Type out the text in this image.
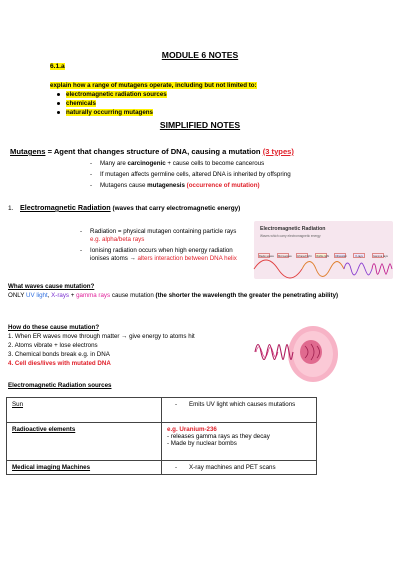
MODULE 6 NOTES
6.1.a
explain how a range of mutagens operate, including but not limited to:
electromagnetic radiation sources
chemicals
naturally occurring mutagens
SIMPLIFIED NOTES
Mutagens = Agent that changes structure of DNA, causing a mutation (3 types)
- Many are carcinogenic + cause cells to become cancerous
- If mutagen affects germline cells, altered DNA is inherited by offspring
- Mutagens cause mutagenesis (occurrence of mutation)
1. Electromagnetic Radiation (waves that carry electromagnetic energy)
- Radiation = physical mutagen containing particle rays
e.g. alpha/beta rays
- Ionising radiation occurs when high energy radiation ionises atoms → alters interaction between DNA helix
Electromagnetic Radiation
Waves which carry electromagnetic energy
Radio waves	Microwaves	Infrared light	Visible light	Ultraviolet	X-rays	Gamma rays
What waves cause mutation?
ONLY UV light, X-rays + gamma rays cause mutation (the shorter the wavelength the greater the penetrating ability)
How do these cause mutation?
1. When ER waves move through matter → give energy to atoms hit
2. Atoms vibrate + lose electrons
3. Chemical bonds break e.g. in DNA
4. Cell dies/lives with mutated DNA
Electromagnetic Radiation sources
Sun	- Emits UV light which causes mutations

Radioactive elements	e.g. Uranium-236
- releases gamma rays as they decay
- Made by nuclear bombs

Medical imaging Machines	- X-ray machines and PET scans
